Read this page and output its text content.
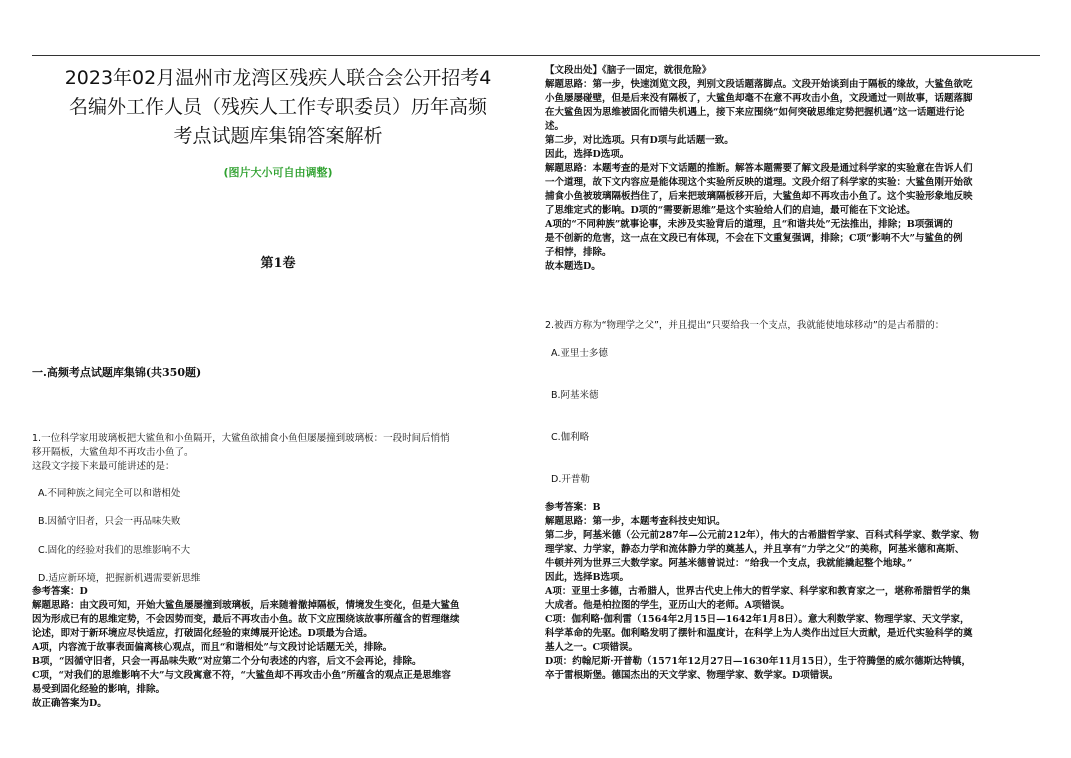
2023年02月温州市龙湾区残疾人联合会公开招考4

名编外工作人员（残疾人工作专职委员）历年高频

考点试题库集锦答案解析

(图片大小可自由调整)
第1卷
一.高频考点试题库集锦(共350题)

1.一位科学家用玻璃板把大鲨鱼和小鱼隔开，大鲨鱼欲捕食小鱼但屡屡撞到玻璃板：一段时间后悄悄

移开隔板，大鲨鱼却不再攻击小鱼了。

这段文字接下来最可能讲述的是：

A.不同种族之间完全可以和谐相处
B.因循守旧者，只会一再品味失败
C.固化的经验对我们的思维影响不大
D.适应新环境，把握新机遇需要新思维

参考答案：D

解题思路：由文段可知，开始大鲨鱼屡屡撞到玻璃板，后来随着撤掉隔板，情境发生变化，但是大鲨鱼

因为形成已有的思维定势，不会因势而变，最后不再攻击小鱼。故下文应围绕该故事所蕴含的哲理继续

论述，即对于新环境应尽快适应，打破固化经验的束缚展开论述。D项最为合适。

A项，内容流于故事表面偏离核心观点，而且“和谐相处”与文段讨论话题无关，排除。

B项，“因循守旧者，只会一再品味失败”对应第二个分句表述的内容，后文不会再论，排除。

C项，“对我们的思维影响不大”与文段寓意不符，“大鲨鱼却不再攻击小鱼”所蕴含的观点正是思维容

易受到固化经验的影响，排除。

故正确答案为D。

【文段出处】《脑子一固定，就很危险》

解题思路：第一步，快速浏览文段，判别文段话题落脚点。文段开始谈到由于隔板的缘故，大鲨鱼欲吃

小鱼屡屡碰壁，但是后来没有隔板了，大鲨鱼却毫不在意不再攻击小鱼，文段通过一则故事，话题落脚

在大鲨鱼因为思维被固化而错失机遇上，接下来应围绕“如何突破思维定势把握机遇”这一话题进行论

述。

第二步，对比选项。只有D项与此话题一致。

因此，选择D选项。

解题思路：本题考查的是对下文话题的推断。解答本题需要了解文段是通过科学家的实验意在告诉人们

一个道理，故下文内容应是能体现这个实验所反映的道理。文段介绍了科学家的实验：大鲨鱼刚开始欲

捕食小鱼被玻璃隔板挡住了，后来把玻璃隔板移开后，大鲨鱼却不再攻击小鱼了。这个实验形象地反映

了思维定式的影响。D项的“需要新思维”是这个实验给人们的启迪，最可能在下文论述。

A项的“不同种族”就事论事，未涉及实验背后的道理，且“和谐共处”无法推出，排除；B项强调的

是不创新的危害，这一点在文段已有体现，不会在下文重复强调，排除；C项“影响不大”与鲨鱼的例

子相悖，排除。

故本题选D。

2.被西方称为“物理学之父”，并且提出“只要给我一个支点，我就能使地球移动”的是古希腊的：
A.亚里士多德
B.阿基米德
C.伽利略
D.开普勒

参考答案：B

解题思路：第一步，本题考查科技史知识。

第二步，阿基米德（公元前287年—公元前212年），伟大的古希腊哲学家、百科式科学家、数学家、物

理学家、力学家，静态力学和流体静力学的奠基人，并且享有“力学之父”的美称，阿基米德和高斯、

牛顿并列为世界三大数学家。阿基米德曾说过：“给我一个支点，我就能撬起整个地球。”

因此，选择B选项。

A项：亚里士多德，古希腊人，世界古代史上伟大的哲学家、科学家和教育家之一，堪称希腊哲学的集

大成者。他是柏拉图的学生，亚历山大的老师。A项错误。

C项：伽利略·伽利雷（1564年2月15日—1642年1月8日）。意大利数学家、物理学家、天文学家，

科学革命的先驱。伽利略发明了摆针和温度计，在科学上为人类作出过巨大贡献，是近代实验科学的奠

基人之一。C项错误。

D项：约翰尼斯·开普勒（1571年12月27日—1630年11月15日），生于符腾堡的威尔德斯达特镇，

卒于雷根斯堡。德国杰出的天文学家、物理学家、数学家。D项错误。
